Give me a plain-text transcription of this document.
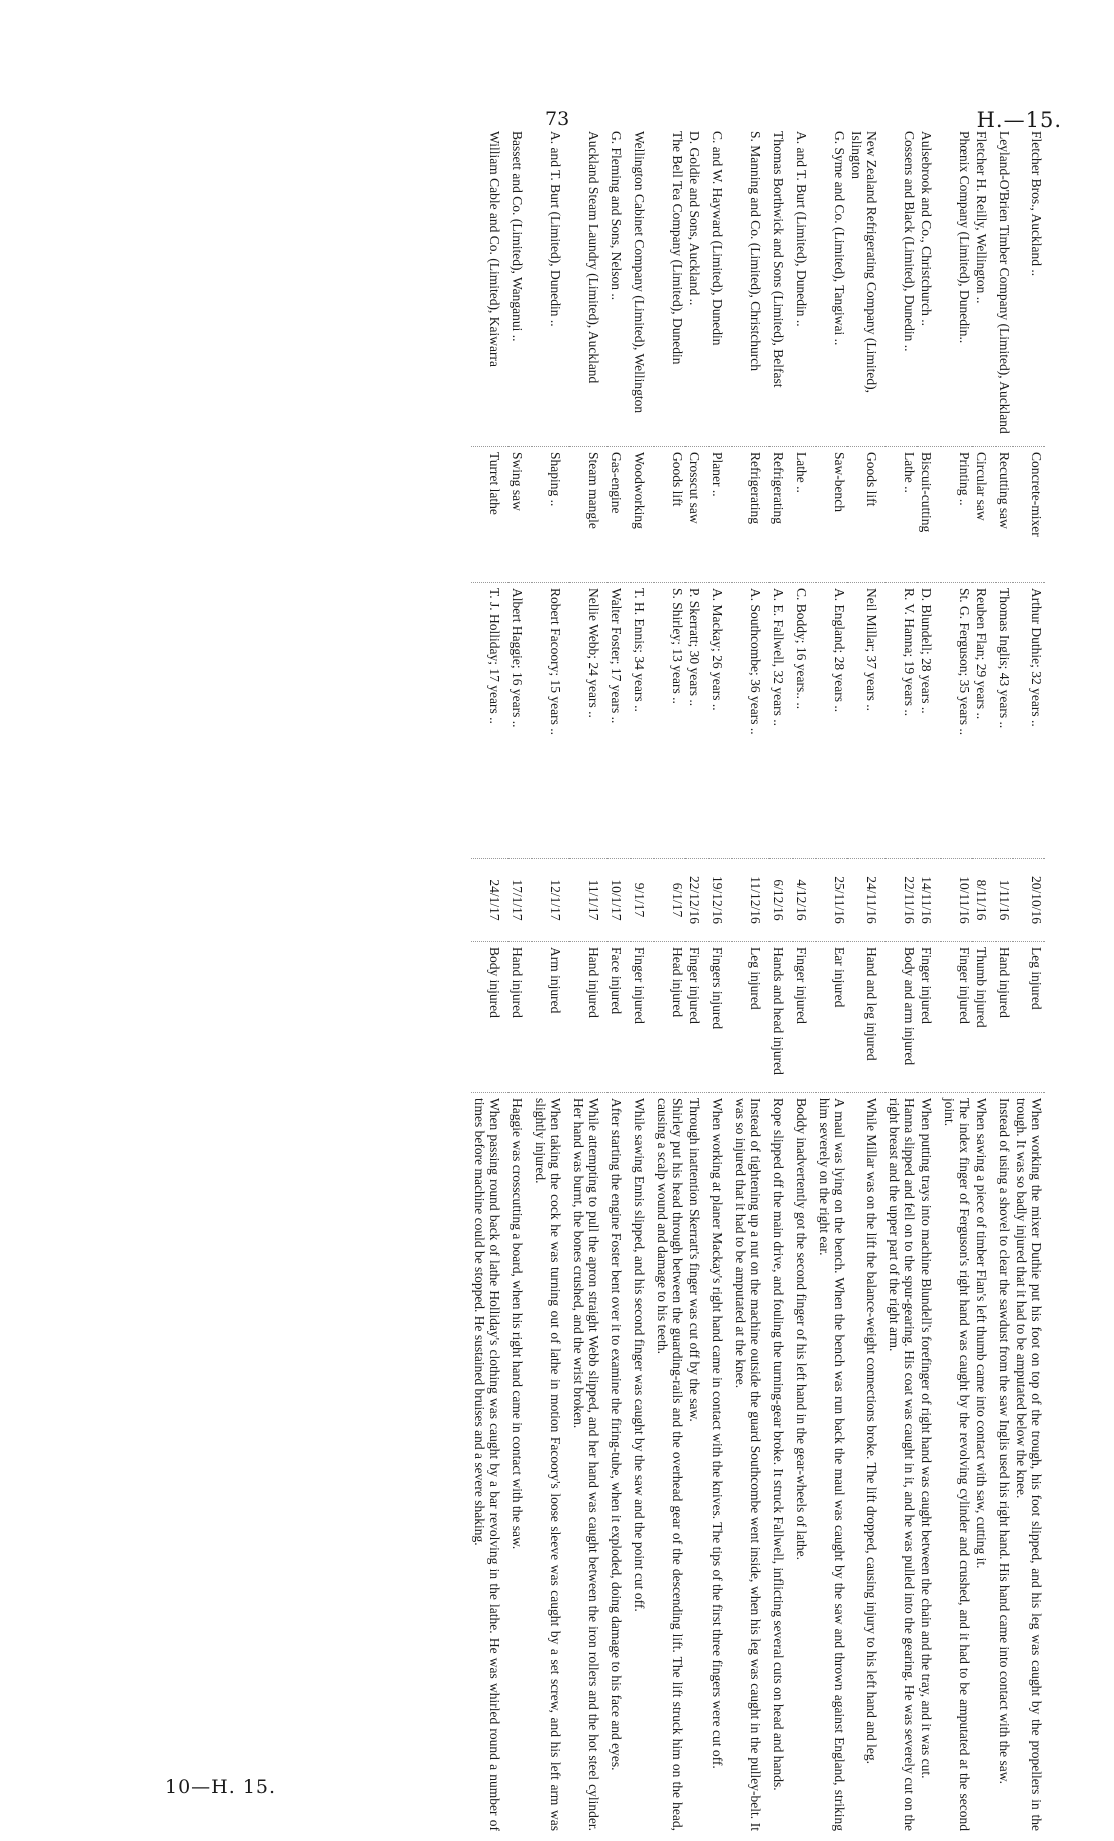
73	H.—15.
Fletcher Bros., Auckland ..	Concrete-mixer	Arthur Duthie; 32 years ..	20/10/16	Leg injured	When working the mixer Duthie put his foot on top of the trough, his foot slipped, and his leg was caught by the propellers in the trough. It was so badly injured that it had to be amputated below the knee.
Leyland-O'Brien Timber Company (Limited), Auckland	Recutting saw	Thomas Inglis; 43 years ..	1/11/16	Hand injured	Instead of using a shovel to clear the sawdust from the saw Inglis used his right hand. His hand came into contact with the saw.
Fletcher H. Reilly, Wellington ..	Circular saw	Reuben Flan; 29 years ..	8/11/16	Thumb injured	When sawing a piece of timber Flan's left thumb came into contact with saw, cutting it.
Phœnix Company (Limited), Dunedin..	Printing ..	St. G. Ferguson; 35 years ..	10/11/16	Finger injured	The index finger of Ferguson's right hand was caught by the revolving cylinder and crushed, and it had to be amputated at the second joint.
Aulsebrook and Co., Christchurch ..	Biscuit-cutting	D. Blundell; 28 years ..	14/11/16	Finger injured	When putting trays into machine Blundell's forefinger of right hand was caught between the chain and the tray, and it was cut.
Cossens and Black (Limited), Dunedin ..	Lathe ..	R. V. Hanna; 19 years ..	22/11/16	Body and arm injured	Hanna slipped and fell on to the spur-gearing. His coat was caught in it, and he was pulled into the gearing. He was severely cut on the right breast and the upper part of the right arm.
New Zealand Refrigerating Company (Limited), Islington	Goods lift	Neil Millar; 37 years ..	24/11/16	Hand and leg injured	While Millar was on the lift the balance-weight connections broke. The lift dropped, causing injury to his left hand and leg.
G. Syme and Co. (Limited), Tangiwai ..	Saw-bench	A. England; 28 years ..	25/11/16	Ear injured	A maul was lying on the bench. When the bench was run back the maul was caught by the saw and thrown against England, striking him severely on the right ear.
A. and T. Burt (Limited), Dunedin ..	Lathe ..	C. Boddy; 16 years.. ..	4/12/16	Finger injured	Boddy inadvertently got the second finger of his left hand in the gear-wheels of lathe.
Thomas Borthwick and Sons (Limited), Belfast	Refrigerating	A. E. Fallwell, 32 years ..	6/12/16	Hands and head injured	Rope slipped off the main drive, and fouling the turning-gear broke. It struck Fallwell, inflicting several cuts on head and hands.
S. Manning and Co. (Limited), Christchurch	Refrigerating	A. Southcombe; 36 years ..	11/12/16	Leg injured	Instead of tightening up a nut on the machine outside the guard Southcombe went inside, when his leg was caught in the pulley-belt. It was so injured that it had to be amputated at the knee.
C. and W. Hayward (Limited), Dunedin	Planer ..	A. Mackay; 26 years ..	19/12/16	Fingers injured	When working at planer Mackay's right hand came in contact with the knives. The tips of the first three fingers were cut off.
D. Goldie and Sons, Auckland ..	Crosscut saw	P. Skerratt; 30 years ..	22/12/16	Finger injured	Through inattention Skerratt's finger was cut off by the saw.
The Bell Tea Company (Limited), Dunedin	Goods lift	S. Shirley; 13 years ..	6/1/17	Head injured	Shirley put his head through between the guarding-rails and the overhead gear of the descending lift. The lift struck him on the head, causing a scalp wound and damage to his teeth.
Wellington Cabinet Company (Limited), Wellington	Woodworking	T. H. Ennis; 34 years ..	9/1/17	Finger injured	While sawing Ennis slipped, and his second finger was caught by the saw and the point cut off.
G. Fleming and Sons, Nelson ..	Gas-engine	Walter Foster; 17 years ..	10/1/17	Face injured	After starting the engine Foster bent over it to examine the firing-tube, when it exploded, doing damage to his face and eyes.
Auckland Steam Laundry (Limited), Auckland	Steam mangle	Nellie Webb; 24 years ..	11/1/17	Hand injured	While attempting to pull the apron straight Webb slipped, and her hand was caught between the iron rollers and the hot steel cylinder. Her hand was burnt, the bones crushed, and the wrist broken.
A. and T. Burt (Limited), Dunedin ..	Shaping ..	Robert Facoory; 15 years ..	12/1/17	Arm injured	When taking the cock he was turning out of lathe in motion Facoory's loose sleeve was caught by a set screw, and his left arm was slightly injured.
Bassett and Co. (Limited), Wanganui ..	Swing saw	Albert Haggie; 16 years ..	17/1/17	Hand injured	Haggie was crosscutting a board, when his right hand came in contact with the saw.
William Cable and Co. (Limited), Kaiwarra	Turret lathe	T. J. Holliday; 17 years ..	24/1/17	Body injured	When passing round back of lathe Holliday's clothing was caught by a bar revolving in the lathe. He was whirled round a number of times before machine could be stopped. He sustained bruises and a severe shaking.
10—H. 15.
